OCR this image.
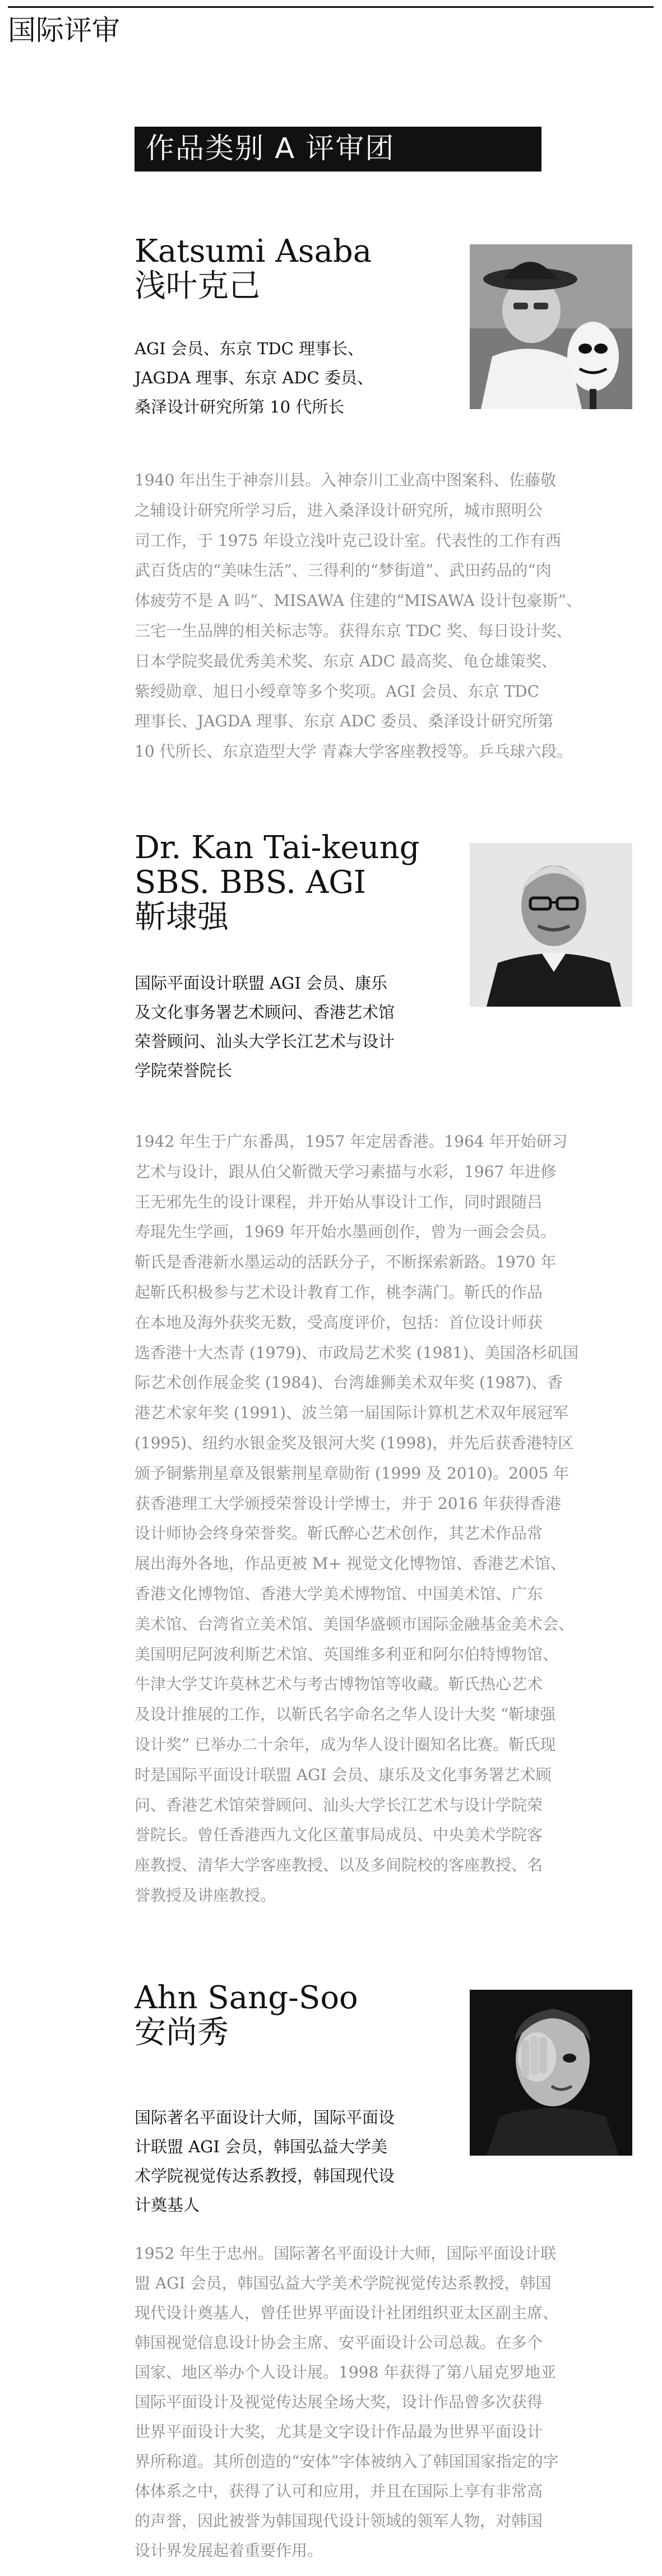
国际评审
作品类别 A 评审团
Katsumi Asaba
浅叶克己
AGI 会员、东京 TDC 理事长、
JAGDA 理事、东京 ADC 委员、
桑泽设计研究所第 10 代所长
1940 年出生于神奈川县。入神奈川工业高中图案科、佐藤敬
之辅设计研究所学习后，进入桑泽设计研究所，城市照明公
司工作，于 1975 年设立浅叶克己设计室。代表性的工作有西
武百货店的“美味生活”、三得利的“梦街道”、武田药品的“肉
体疲劳不是 A 吗”、MISAWA 住建的“MISAWA 设计包豪斯”、
三宅一生品牌的相关标志等。获得东京 TDC 奖、每日设计奖、
日本学院奖最优秀美术奖、东京 ADC 最高奖、龟仓雄策奖、
紫绶勋章、旭日小绶章等多个奖项。AGI 会员、东京 TDC
理事长、JAGDA 理事、东京 ADC 委员、桑泽设计研究所第
10 代所长、东京造型大学 青森大学客座教授等。乒乓球六段。
Dr. Kan Tai-keung
SBS. BBS. AGI
靳埭强
国际平面设计联盟 AGI 会员、康乐
及文化事务署艺术顾问、香港艺术馆
荣誉顾问、汕头大学长江艺术与设计
学院荣誉院长
1942 年生于广东番禺，1957 年定居香港。1964 年开始研习
艺术与设计，跟从伯父靳微天学习素描与水彩，1967 年进修
王无邪先生的设计课程，并开始从事设计工作，同时跟随吕
寿琨先生学画，1969 年开始水墨画创作，曾为一画会会员。
靳氏是香港新水墨运动的活跃分子，不断探索新路。1970 年
起靳氏积极参与艺术设计教育工作，桃李满门。靳氏的作品
在本地及海外获奖无数，受高度评价，包括：首位设计师获
选香港十大杰青 (1979)、市政局艺术奖 (1981)、美国洛杉矶国
际艺术创作展金奖 (1984)、台湾雄狮美术双年奖 (1987)、香
港艺术家年奖 (1991)、波兰第一届国际计算机艺术双年展冠军
(1995)、纽约水银金奖及银河大奖 (1998)，并先后获香港特区
颁予铜紫荆星章及银紫荆星章勋衔 (1999 及 2010)。2005 年
获香港理工大学颁授荣誉设计学博士，并于 2016 年获得香港
设计师协会终身荣誉奖。靳氏醉心艺术创作，其艺术作品常
展出海外各地，作品更被 M+ 视觉文化博物馆、香港艺术馆、
香港文化博物馆、香港大学美术博物馆、中国美术馆、广东
美术馆、台湾省立美术馆、美国华盛顿市国际金融基金美术会、
美国明尼阿波利斯艺术馆、英国维多利亚和阿尔伯特博物馆、
牛津大学艾许莫林艺术与考古博物馆等收藏。靳氏热心艺术
及设计推展的工作，以靳氏名字命名之华人设计大奖 “靳埭强
设计奖” 已举办二十余年，成为华人设计圈知名比赛。靳氏现
时是国际平面设计联盟 AGI 会员、康乐及文化事务署艺术顾
问、香港艺术馆荣誉顾问、汕头大学长江艺术与设计学院荣
誉院长。曾任香港西九文化区董事局成员、中央美术学院客
座教授、清华大学客座教授、以及多间院校的客座教授、名
誉教授及讲座教授。
Ahn Sang-Soo
安尚秀
国际著名平面设计大师，国际平面设
计联盟 AGI 会员，韩国弘益大学美
术学院视觉传达系教授，韩国现代设
计奠基人
1952 年生于忠州。国际著名平面设计大师，国际平面设计联
盟 AGI 会员，韩国弘益大学美术学院视觉传达系教授，韩国
现代设计奠基人，曾任世界平面设计社团组织亚太区副主席、
韩国视觉信息设计协会主席、安平面设计公司总裁。在多个
国家、地区举办个人设计展。1998 年获得了第八届克罗地亚
国际平面设计及视觉传达展全场大奖，设计作品曾多次获得
世界平面设计大奖，尤其是文字设计作品最为世界平面设计
界所称道。其所创造的“安体”字体被纳入了韩国国家指定的字
体体系之中，获得了认可和应用，并且在国际上享有非常高
的声誉，因此被誉为韩国现代设计领域的领军人物，对韩国
设计界发展起着重要作用。
